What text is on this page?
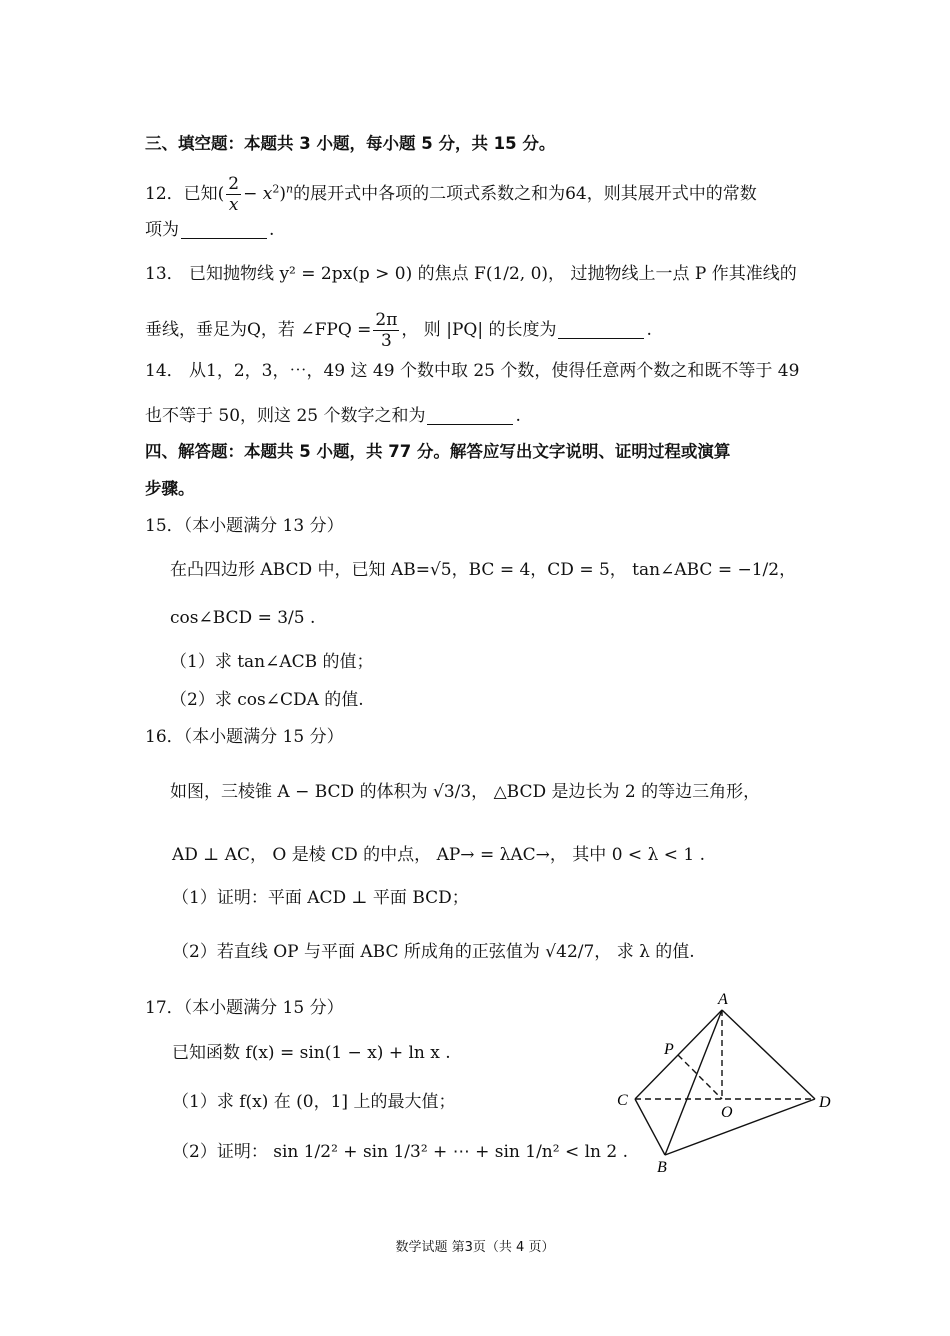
三、填空题：本题共 3 小题，每小题 5 分，共 15 分。
12．已知( $\frac{2}{x} - x^2)^n$的展开式中各项的二项式系数之和为64，则其展开式中的常数
项为	.
13． 已知抛物线 y² = 2px(p > 0) 的焦点 F(1/2, 0)， 过抛物线上一点 P 作其准线的
垂线，垂足为Q，若 ∠FPQ = $\frac{2\pi}{3}$ ， 则 |PQ| 的长度为	.
14． 从1，2，3，⋯，49 这 49 个数中取 25 个数，使得任意两个数之和既不等于 49
也不等于 50，则这 25 个数字之和为	.
四、解答题：本题共 5 小题，共 77 分。解答应写出文字说明、证明过程或演算
步骤。
15．（本小题满分 13 分）
在凸四边形 ABCD 中，已知 AB=√5，BC = 4，CD = 5， tan∠ABC = −1/2，
cos∠BCD = 3/5 .
（1）求 tan∠ACB 的值；
（2）求 cos∠CDA 的值.
16．（本小题满分 15 分）
如图，三棱锥 A − BCD 的体积为 √3/3， △BCD 是边长为 2 的等边三角形，
AD ⊥ AC， O 是棱 CD 的中点， AP→ = λAC→， 其中 0 < λ < 1 .
（1）证明：平面 ACD ⊥ 平面 BCD；
（2）若直线 OP 与平面 ABC 所成角的正弦值为 √42/7， 求 λ 的值.
17．（本小题满分 15 分）
已知函数 f(x) = sin(1 − x) + ln x .
（1）求 f(x) 在 (0，1] 上的最大值；
（2）证明： sin 1/2² + sin 1/3² + ⋯ + sin 1/n² < ln 2 .
A
P
C
O
D
B
数学试题 第3页（共 4 页）
